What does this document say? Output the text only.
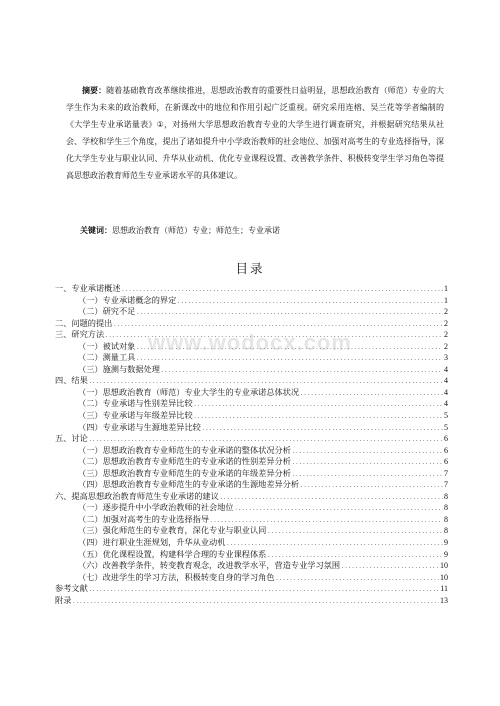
摘要：随着基础教育改革继续推进，思想政治教育的重要性日益明显，思想政治教育（师范）专业的大学生作为未来的政治教师，在新课改中的地位和作用引起广泛重视。研究采用连榕、吴兰花等学者编制的《大学生专业承诺量表》①，对扬州大学思想政治教育专业的大学生进行调查研究，并根据研究结果从社会、学校和学生三个角度，提出了诸如提升中小学政治教师的社会地位、加强对高考生的专业选择指导，深化大学生专业与职业认同、升华从业动机、优化专业课程设置、改善教学条件、积极转变学生学习角色等提高思想政治教育师范生专业承诺水平的具体建议。
关键词：思想政治教育（师范）专业；师范生；专业承诺
目录
一、专业承诺概述 .....	1
（一）专业承诺概念的界定 .....	1
（二）研究不足 .....	2
二、问题的提出 .....	2
三、研究方法 .....	2
（一）被试对象 .....	2
（二）测量工具 .....	3
（三）施测与数据处理 .....	4
四、结果 .....	4
（一）思想政治教育（师范）专业大学生的专业承诺总体状况 .....	4
（二）专业承诺与性别差异比较 .....	4
（三）专业承诺与年级差异比较 .....	5
（四）专业承诺与生源地差异比较 .....	5
五、讨论 .....	6
（一）思想政治教育专业师范生的专业承诺的整体状况分析 .....	6
（二）思想政治教育专业师范生的专业承诺的性别差异分析 .....	6
（三）思想政治教育专业师范生的专业承诺的年级差异分析 .....	7
（四）思想政治教育专业师范生的专业承诺的生源地差异分析 .....	7
六、提高思想政治教育师范生专业承诺的建议 .....	8
（一）逐步提升中小学政治教师的社会地位 .....	8
（二）加强对高考生的专业选择指导 .....	8
（三）强化师范生的专业教育，深化专业与职业认同 .....	8
（四）进行职业生涯规划，升华从业动机 .....	9
（五）优化课程设置，构建科学合理的专业课程体系 .....	9
（六）改善教学条件，转变教育观念，改进教学水平，营造专业学习氛围 .....	10
（七）改进学生的学习方法，积极转变自身的学习角色 .....	10
参考文献 .....	11
附录 .....	13
www.wodocx.com
